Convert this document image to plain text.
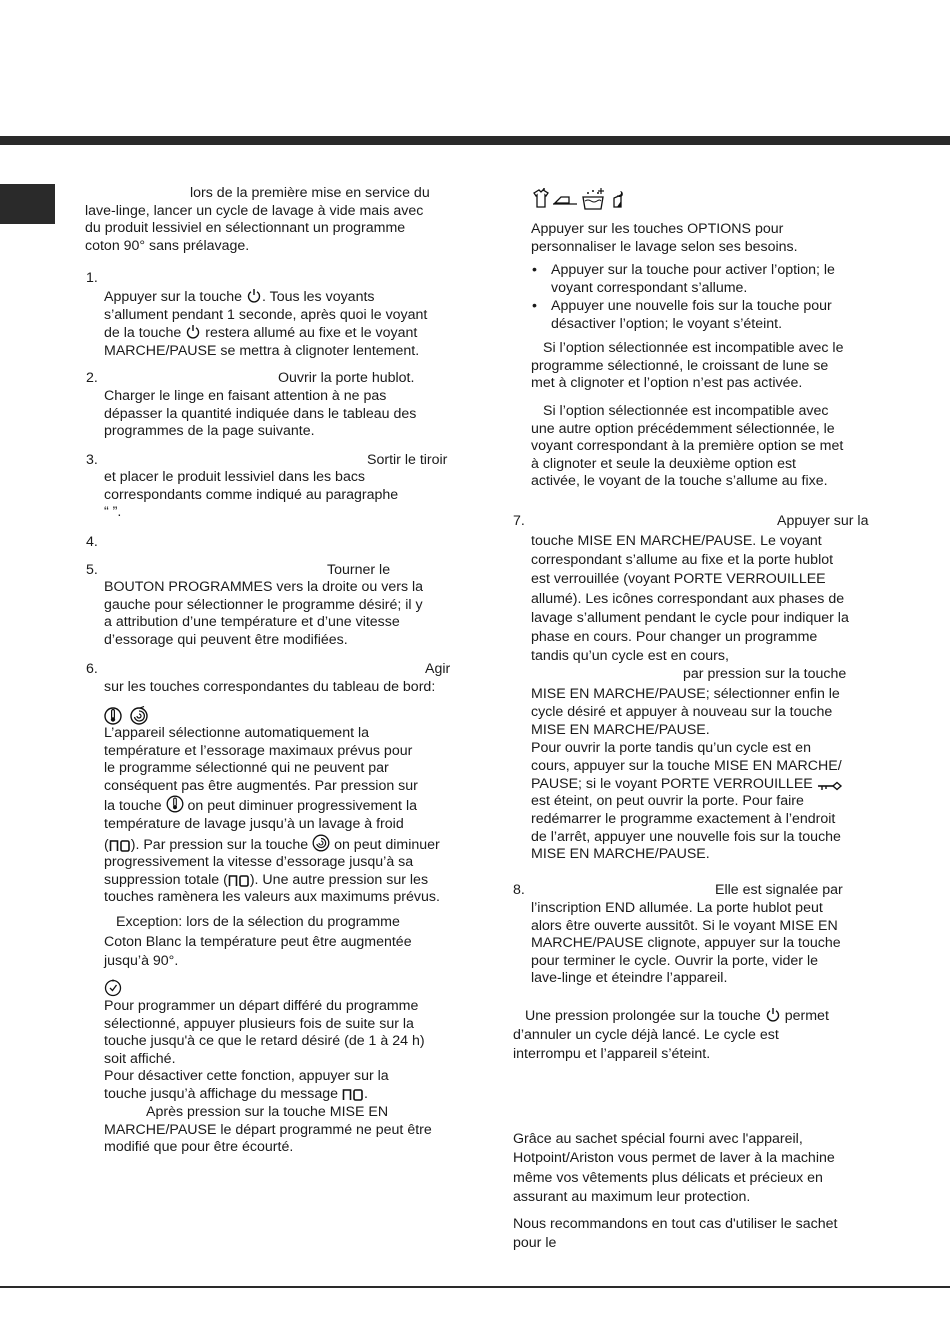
lors de la première mise en service du
lave-linge, lancer un cycle de lavage à vide mais avec
du produit lessiviel en sélectionnant un programme
coton 90° sans prélavage.

1.

Appuyer sur la touche . Tous les voyants
s’allument pendant 1 seconde, après quoi le voyant
de la touche restera allumé au fixe et le voyant
MARCHE/PAUSE se mettra à clignoter lentement.

2.	Ouvrir la porte hublot.

Charger le linge en faisant attention à ne pas
dépasser la quantité indiquée dans le tableau des
programmes de la page suivante.

3.	Sortir le tiroir

et placer le produit lessiviel dans les bacs
correspondants comme indiqué au paragraphe
“ ”.

4.

5.	Tourner le

BOUTON PROGRAMMES vers la droite ou vers la
gauche pour sélectionner le programme désiré; il y
a attribution d’une température et d’une vitesse
d’essorage qui peuvent être modifiées.

6.	Agir

sur les touches correspondantes du tableau de bord:

L’appareil sélectionne automatiquement la
température et l’essorage maximaux prévus pour
le programme sélectionné qui ne peuvent par
conséquent pas être augmentés. Par pression sur
la touche on peut diminuer progressivement la
température de lavage jusqu’à un lavage à froid
( ). Par pression sur la touche on peut diminuer
progressivement la vitesse d’essorage jusqu’à sa
suppression totale ( ). Une autre pression sur les
touches ramènera les valeurs aux maximums prévus.

Exception: lors de la sélection du programme
Coton Blanc la température peut être augmentée
jusqu’à 90°.

Pour programmer un départ différé du programme
sélectionné, appuyer plusieurs fois de suite sur la
touche jusqu'à ce que le retard désiré (de 1 à 24 h)
soit affiché.
Pour désactiver cette fonction, appuyer sur la
touche jusqu’à affichage du message .

Après pression sur la touche MISE EN
MARCHE/PAUSE le départ programmé ne peut être
modifié que pour être écourté.

Appuyer sur les touches OPTIONS pour
personnaliser le lavage selon ses besoins.

• Appuyer sur la touche pour activer l’option; le
voyant correspondant s’allume.

• Appuyer une nouvelle fois sur la touche pour
désactiver l’option; le voyant s’éteint.

Si l’option sélectionnée est incompatible avec le
programme sélectionné, le croissant de lune se
met à clignoter et l’option n’est pas activée.

Si l’option sélectionnée est incompatible avec
une autre option précédemment sélectionnée, le
voyant correspondant à la première option se met
à clignoter et seule la deuxième option est
activée, le voyant de la touche s’allume au fixe.

7.	Appuyer sur la

touche MISE EN MARCHE/PAUSE. Le voyant
correspondant s’allume au fixe et la porte hublot
est verrouillée (voyant PORTE VERROUILLEE
allumé). Les icônes correspondant aux phases de
lavage s’allument pendant le cycle pour indiquer la
phase en cours. Pour changer un programme
tandis qu’un cycle est en cours,

par pression sur la touche

MISE EN MARCHE/PAUSE; sélectionner enfin le
cycle désiré et appuyer à nouveau sur la touche
MISE EN MARCHE/PAUSE.
Pour ouvrir la porte tandis qu’un cycle est en
cours, appuyer sur la touche MISE EN MARCHE/
PAUSE; si le voyant PORTE VERROUILLEE

est éteint, on peut ouvrir la porte. Pour faire
redémarrer le programme exactement à l’endroit
de l’arrêt, appuyer une nouvelle fois sur la touche
MISE EN MARCHE/PAUSE.

8.	Elle est signalée par

l’inscription END allumée. La porte hublot peut
alors être ouverte aussitôt. Si le voyant MISE EN
MARCHE/PAUSE clignote, appuyer sur la touche
pour terminer le cycle. Ouvrir la porte, vider le
lave-linge et éteindre l’appareil.

Une pression prolongée sur la touche permet
d’annuler un cycle déjà lancé. Le cycle est
interrompu et l’appareil s’éteint.

Grâce au sachet spécial fourni avec l'appareil,
Hotpoint/Ariston vous permet de laver à la machine
même vos vêtements plus délicats et précieux en
assurant au maximum leur protection.

Nous recommandons en tout cas d'utiliser le sachet
pour le
